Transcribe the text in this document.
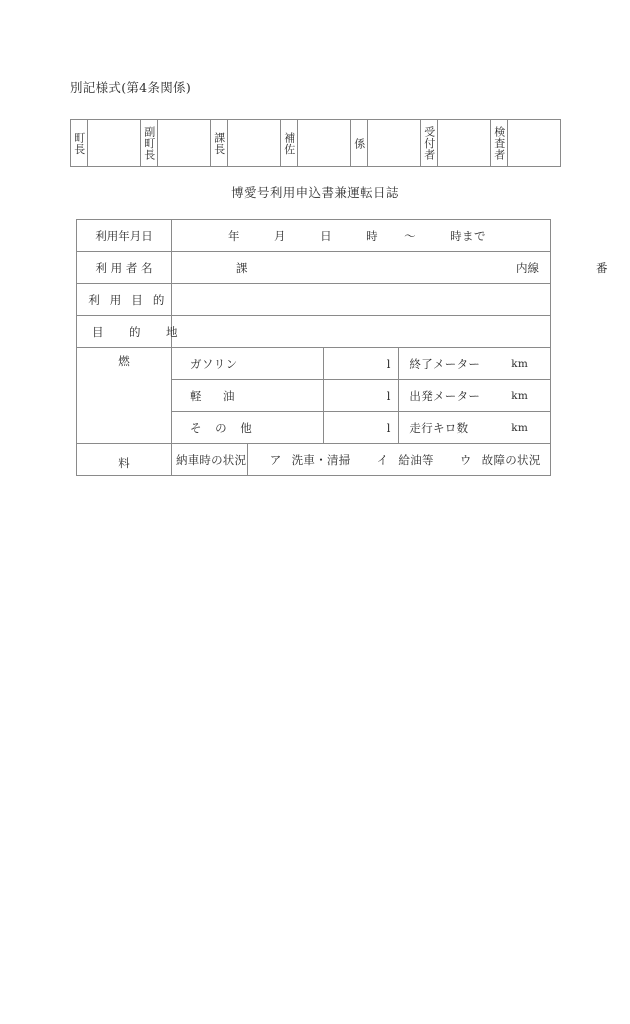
別記様式(第4条関係)
町長		副町長		課長		補佐		係		受付者		検査者

博愛号利用申込書兼運転日誌
利用年月日	年 月 日 時 ～ 時まで			
利 用 者 名	課 内線 番			

利 用 目 的				
目　的　地				

燃	ガソリン		l	終了メーター km

	軽　油		l	出発メーター km

	そ の 他		l	走行キロ数 km

料	納車時の状況	ア 洗車・清掃 イ 給油等 ウ 故障の状況		
